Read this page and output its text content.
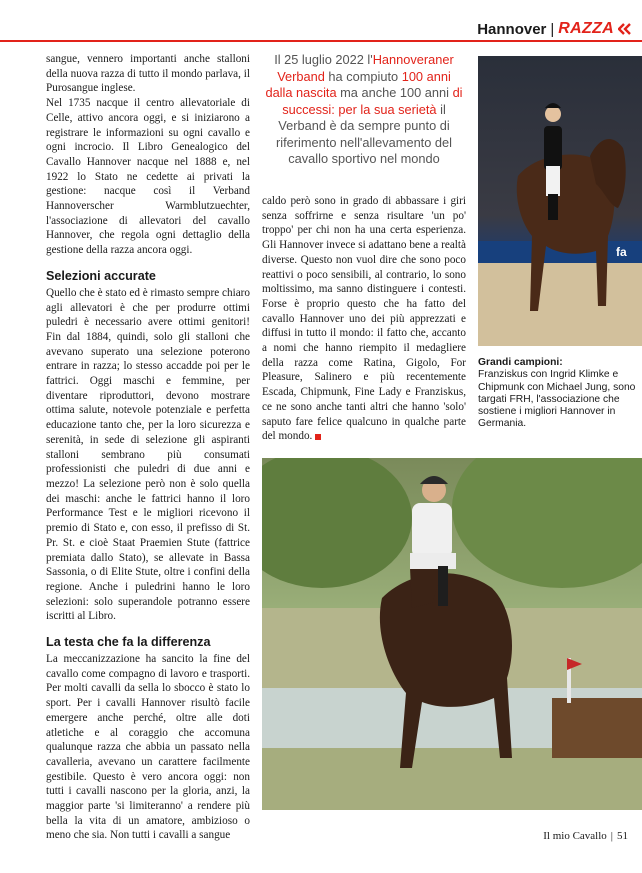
Hannover | RAZZA

sangue, vennero importanti anche stalloni della nuova razza di tutto il mondo parlava, il Purosangue inglese.

Nel 1735 nacque il centro allevatoriale di Celle, attivo ancora oggi, e si iniziarono a registrare le informazioni su ogni cavallo e ogni incrocio. Il Libro Genealogico del Cavallo Hannover nacque nel 1888 e, nel 1922 lo Stato ne cedette ai privati la gestione: nacque così il Verband Hannoverscher Warmblutzuechter, l'associazione di allevatori del cavallo Hannover, che regola ogni dettaglio della gestione della razza ancora oggi.

Selezioni accurate

Quello che è stato ed è rimasto sempre chiaro agli allevatori è che per produrre ottimi puledri è necessario avere ottimi genitori! Fin dal 1884, quindi, solo gli stalloni che avevano superato una selezione poterono entrare in razza; lo stesso accadde poi per le fattrici. Oggi maschi e femmine, per diventare riproduttori, devono mostrare ottima salute, notevole potenziale e perfetta educazione tanto che, per la loro sicurezza e serenità, in sede di selezione gli aspiranti stalloni sembrano più consumati professionisti che puledri di due anni e mezzo! La selezione però non è solo quella dei maschi: anche le fattrici hanno il loro Performance Test e le migliori ricevono il premio di Stato e, con esso, il prefisso di St. Pr. St. e cioè Staat Praemien Stute (fattrice premiata dallo Stato), se allevate in Bassa Sassonia, o di Elite Stute, oltre i confini della regione. Anche i puledrini hanno le loro selezioni: solo superandole potranno essere iscritti al Libro.

La testa che fa la differenza

La meccanizzazione ha sancito la fine del cavallo come compagno di lavoro e trasporti. Per molti cavalli da sella lo sbocco è stato lo sport. Per i cavalli Hannover risultò facile emergere anche perché, oltre alle doti atletiche e al coraggio che accomuna qualunque razza che abbia un passato nella cavalleria, avevano un carattere facilmente gestibile. Questo è vero ancora oggi: non tutti i cavalli nascono per la gloria, anzi, la maggior parte 'si limiteranno' a rendere più bella la vita di un amatore, ambizioso o meno che sia. Non tutti i cavalli a sangue

Il 25 luglio 2022 l'Hannoveraner Verband ha compiuto 100 anni dalla nascita ma anche 100 anni di successi: per la sua serietà il Verband è da sempre punto di riferimento nell'allevamento del cavallo sportivo nel mondo
caldo però sono in grado di abbassare i giri senza soffrirne e senza risultare 'un po' troppo' per chi non ha una certa esperienza. Gli Hannover invece si adattano bene a realtà diverse. Questo non vuol dire che sono poco reattivi o poco sensibili, al contrario, lo sono moltissimo, ma sanno distinguere i contesti. Forse è proprio questo che ha fatto del cavallo Hannover uno dei più apprezzati e diffusi in tutto il mondo: il fatto che, accanto a nomi che hanno riempito il medagliere della razza come Ratina, Gigolo, For Pleasure, Salinero e più recentemente Escada, Chipmunk, Fine Lady e Franziskus, ce ne sono anche tanti altri che hanno 'solo' saputo fare felice qualcuno in qualche parte del mondo.
fa
Grandi campioni:
Franziskus con Ingrid Klimke e Chipmunk con Michael Jung, sono targati FRH, l'associazione che sostiene i migliori Hannover in Germania.
Il mio Cavallo | 51
